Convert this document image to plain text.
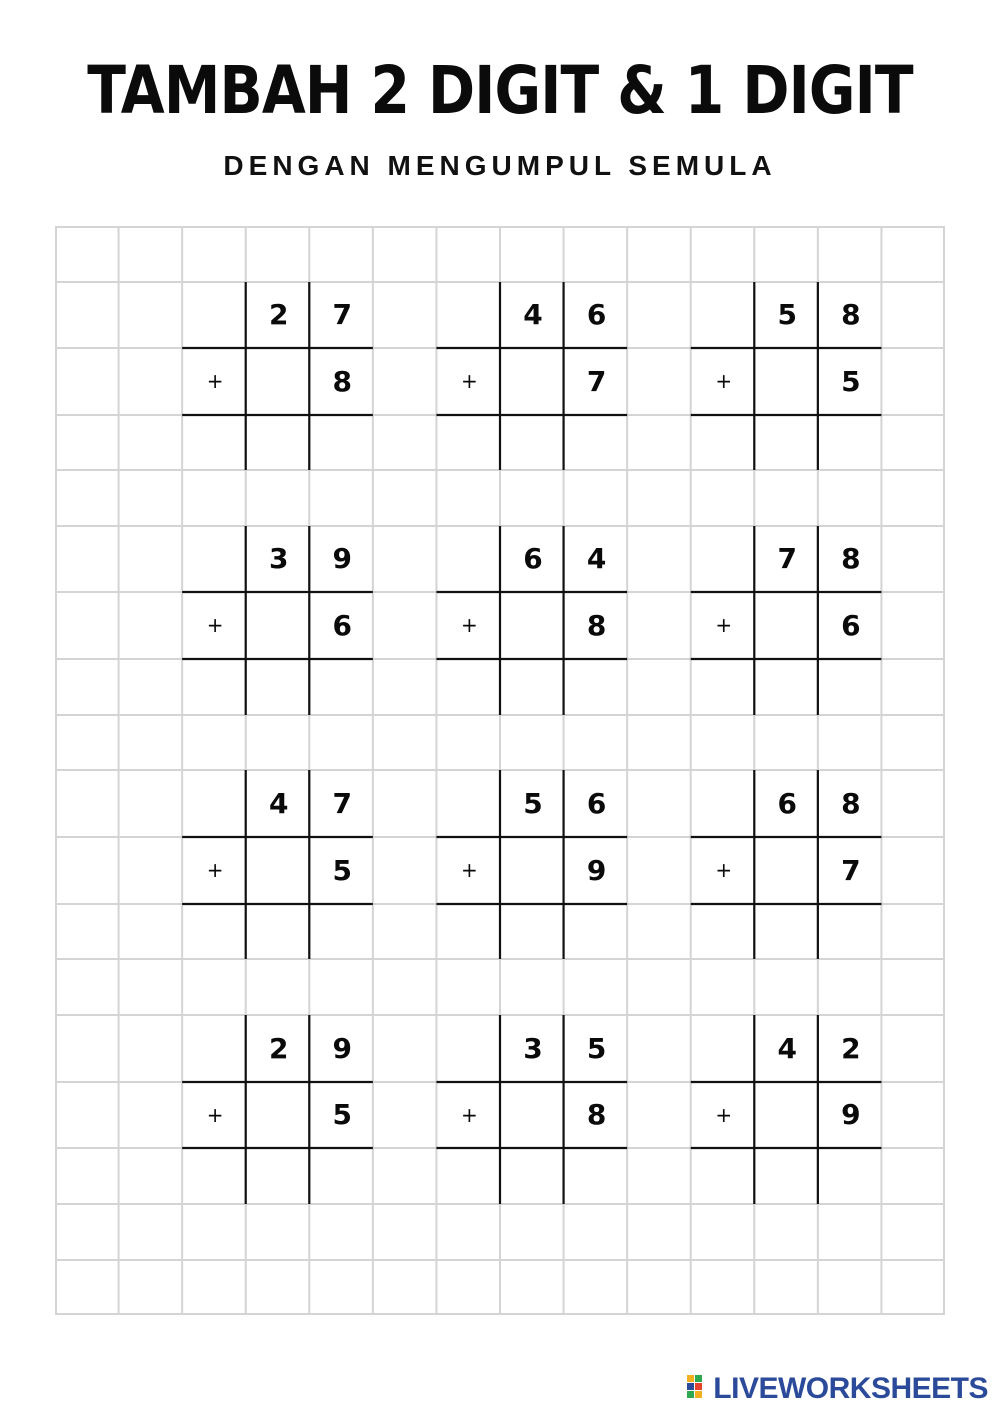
TAMBAH 2 DIGIT & 1 DIGIT
DENGAN MENGUMPUL SEMULA
2	7
+	8
4	6
+	7
5	8
+	5
3	9
+	6
6	4
+	8
7	8
+	6
4	7
+	5
5	6
+	9
6	8
+	7
2	9
+	5
3	5
+	8
4	2
+	9
LIVEWORKSHEETS
